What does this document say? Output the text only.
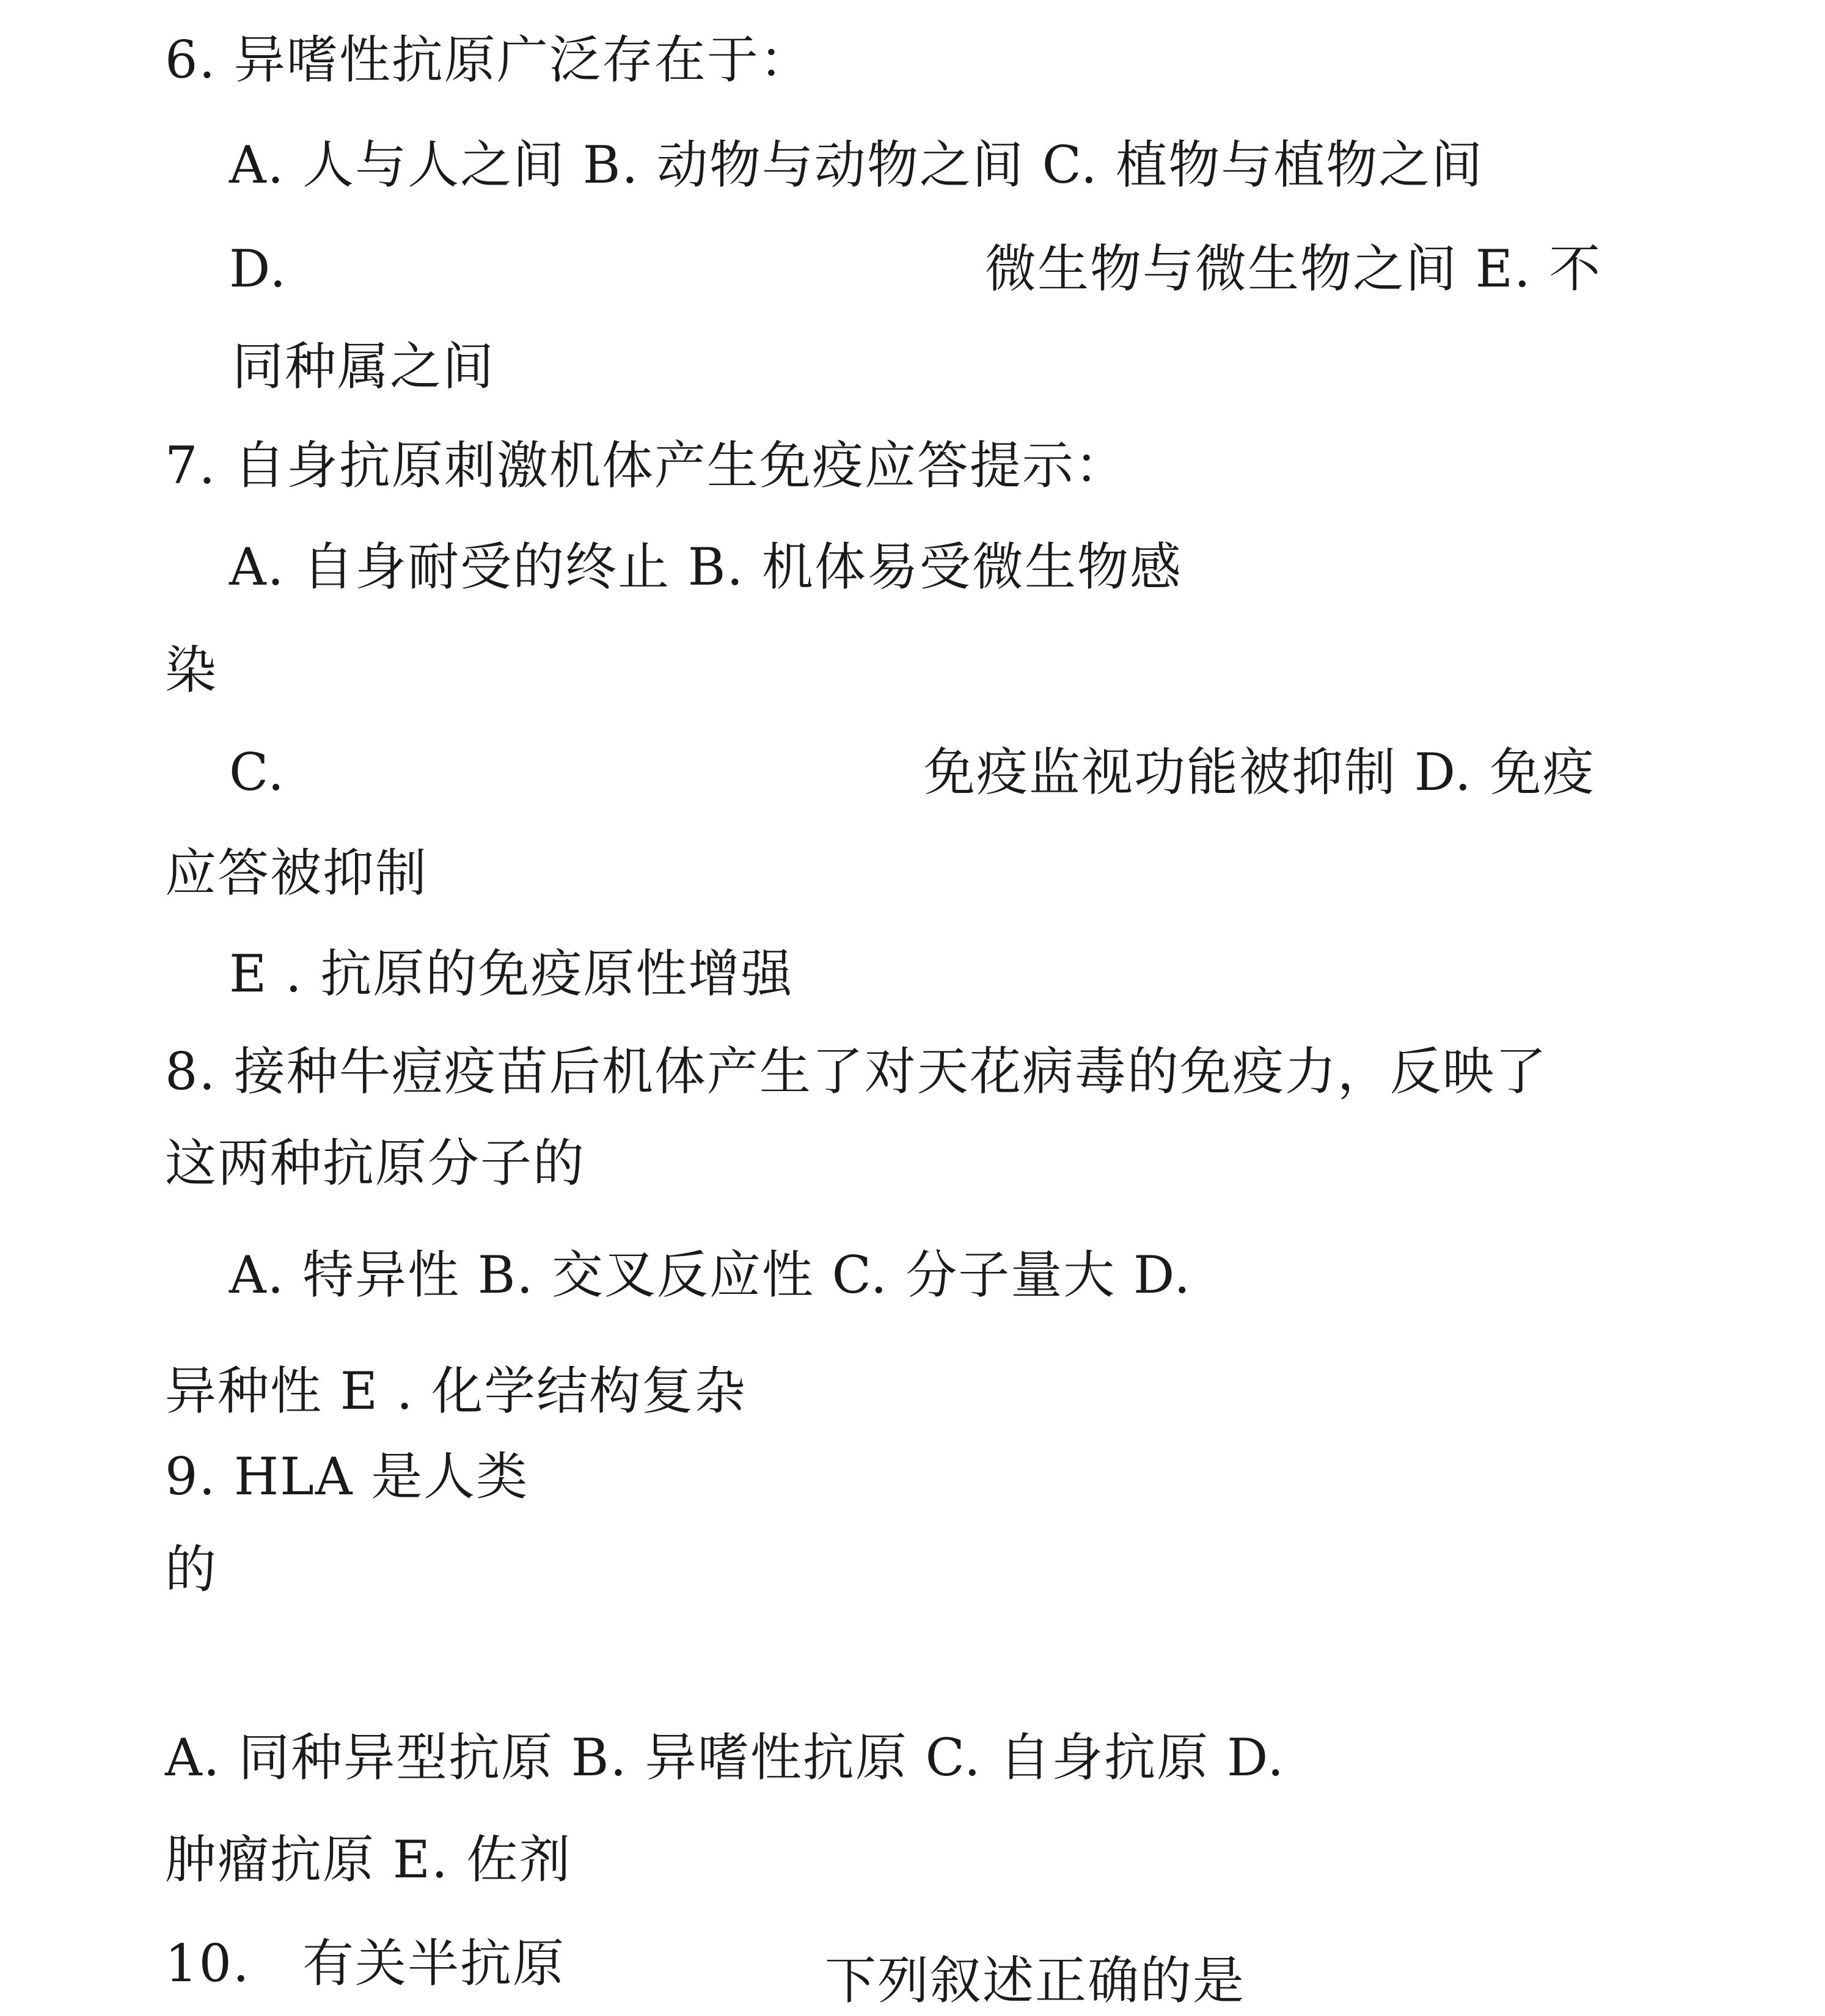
6. 异嗜性抗原广泛存在于：
A. 人与人之间 B. 动物与动物之间 C. 植物与植物之间
D.	微生物与微生物之间 E. 不
同种属之间
7. 自身抗原刺激机体产生免疫应答提示：
A. 自身耐受的终止 B. 机体易受微生物感
染
C.	免疫监视功能被抑制 D. 免疫
应答被抑制
E . 抗原的免疫原性增强
8. 接种牛痘疫苗后机体产生了对天花病毒的免疫力，反映了
这两种抗原分子的
A. 特异性 B. 交叉反应性 C. 分子量大 D.
异种性 E . 化学结构复杂
9. HLA 是人类
的
A. 同种异型抗原 B. 异嗜性抗原 C. 自身抗原 D.
肿瘤抗原 E. 佐剂
10. 有关半抗原	下列叙述正确的是
